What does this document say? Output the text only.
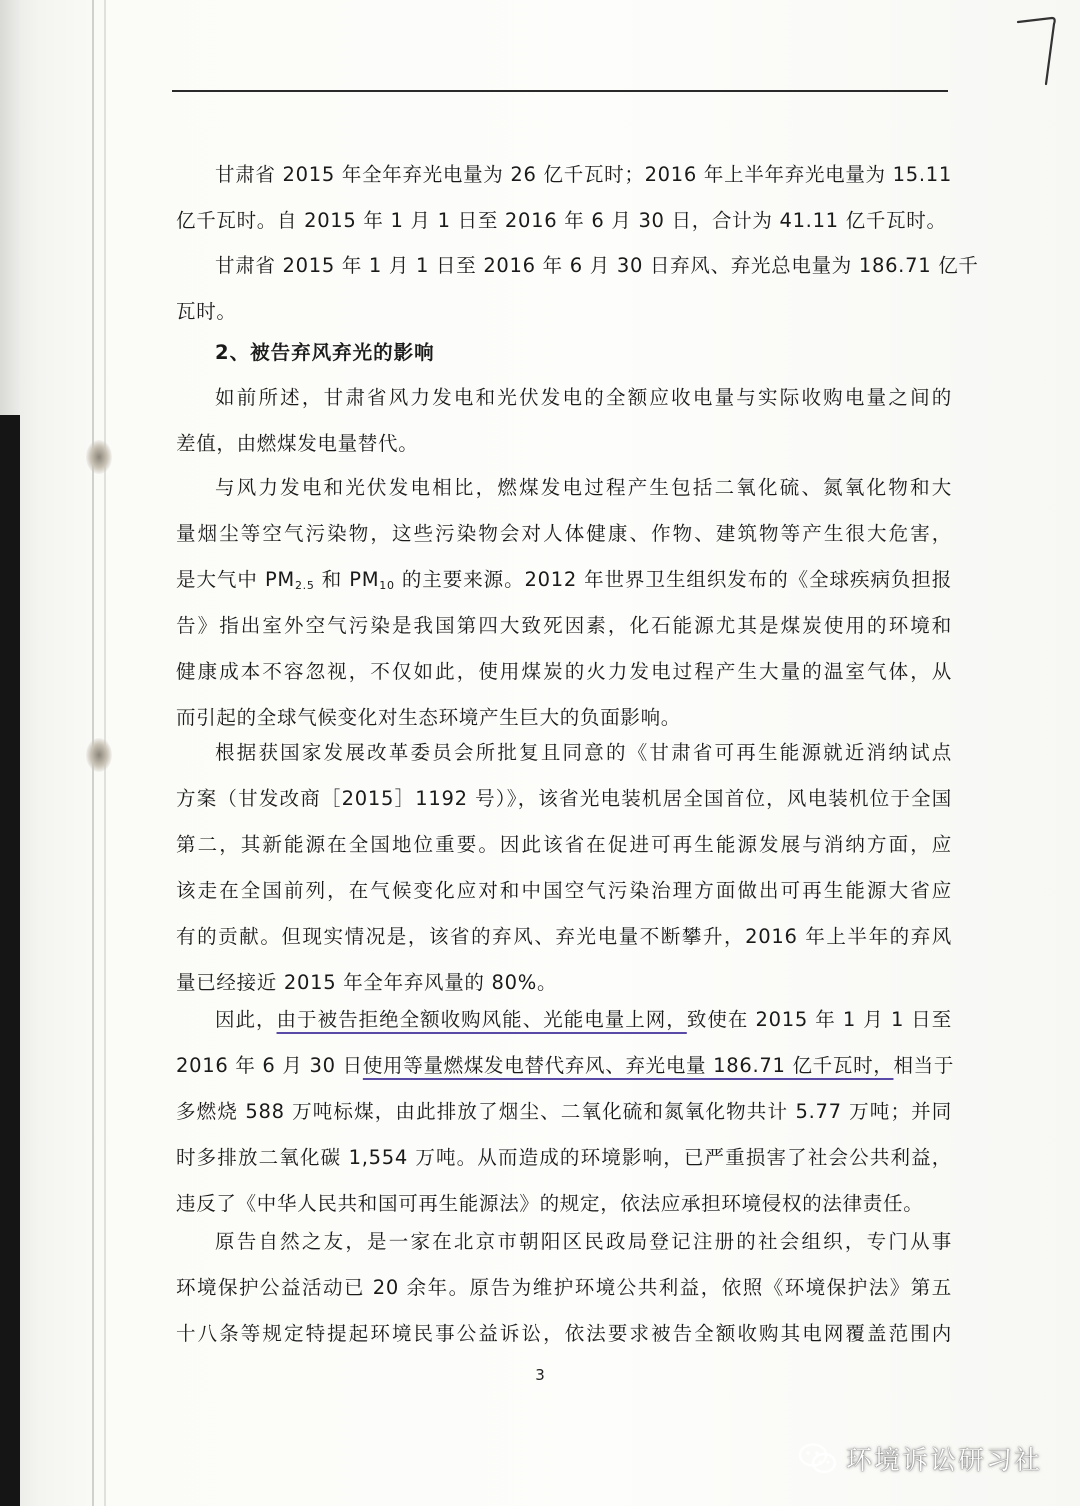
甘肃省 2015 年全年弃光电量为 26 亿千瓦时；2016 年上半年弃光电量为 15.11
亿千瓦时。自 2015 年 1 月 1 日至 2016 年 6 月 30 日，合计为 41.11 亿千瓦时。
甘肃省 2015 年 1 月 1 日至 2016 年 6 月 30 日弃风、弃光总电量为 186.71 亿千
瓦时。
2、被告弃风弃光的影响
如前所述，甘肃省风力发电和光伏发电的全额应收电量与实际收购电量之间的
差值，由燃煤发电量替代。
与风力发电和光伏发电相比，燃煤发电过程产生包括二氧化硫、氮氧化物和大
量烟尘等空气污染物，这些污染物会对人体健康、作物、建筑物等产生很大危害，
是大气中 $PM_{2.5}$ 和 $PM_{10}$ 的主要来源。2012 年世界卫生组织发布的《全球疾病负担报
告》指出室外空气污染是我国第四大致死因素，化石能源尤其是煤炭使用的环境和
健康成本不容忽视，不仅如此，使用煤炭的火力发电过程产生大量的温室气体，从
而引起的全球气候变化对生态环境产生巨大的负面影响。
根据获国家发展改革委员会所批复且同意的《甘肃省可再生能源就近消纳试点
方案（甘发改商［2015］1192 号）》，该省光电装机居全国首位，风电装机位于全国
第二，其新能源在全国地位重要。因此该省在促进可再生能源发展与消纳方面，应
该走在全国前列，在气候变化应对和中国空气污染治理方面做出可再生能源大省应
有的贡献。但现实情况是，该省的弃风、弃光电量不断攀升，2016 年上半年的弃风
量已经接近 2015 年全年弃风量的 80%。
因此，由于被告拒绝全额收购风能、光能电量上网，致使在 2015 年 1 月 1 日至
2016 年 6 月 30 日使用等量燃煤发电替代弃风、弃光电量 186.71 亿千瓦时，相当于
多燃烧 588 万吨标煤，由此排放了烟尘、二氧化硫和氮氧化物共计 5.77 万吨；并同
时多排放二氧化碳 1,554 万吨。从而造成的环境影响，已严重损害了社会公共利益，
违反了《中华人民共和国可再生能源法》的规定，依法应承担环境侵权的法律责任。
原告自然之友，是一家在北京市朝阳区民政局登记注册的社会组织，专门从事
环境保护公益活动已 20 余年。原告为维护环境公共利益，依照《环境保护法》第五
十八条等规定特提起环境民事公益诉讼，依法要求被告全额收购其电网覆盖范围内
3
环境诉讼研习社
